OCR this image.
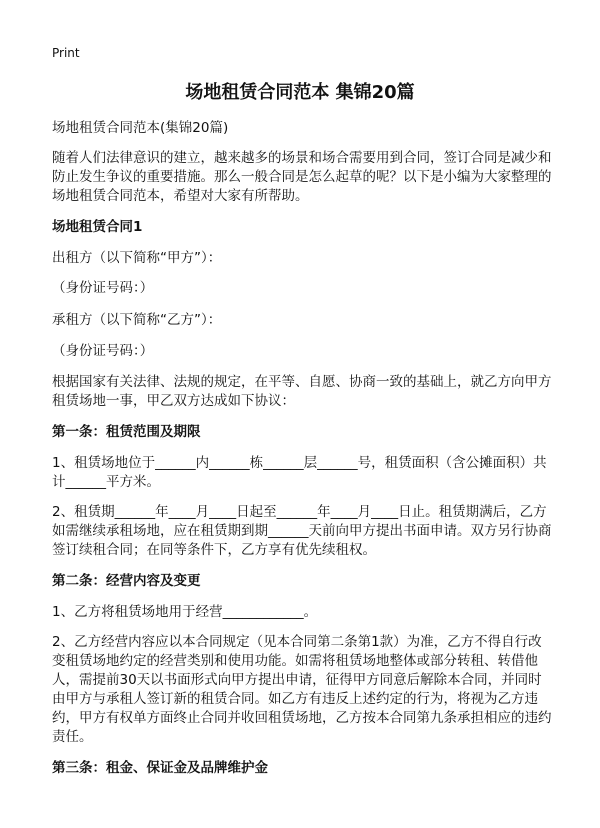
Print
场地租赁合同范本 集锦20篇
场地租赁合同范本(集锦20篇)
随着人们法律意识的建立，越来越多的场景和场合需要用到合同，签订合同是减少和防止发生争议的重要措施。那么一般合同是怎么起草的呢？以下是小编为大家整理的场地租赁合同范本，希望对大家有所帮助。
场地租赁合同1
出租方（以下简称“甲方”）：
（身份证号码：）
承租方（以下简称“乙方”）：
（身份证号码：）
根据国家有关法律、法规的规定，在平等、自愿、协商一致的基础上，就乙方向甲方租赁场地一事，甲乙双方达成如下协议：
第一条：租赁范围及期限
1、租赁场地位于______内______栋______层______号，租赁面积（含公摊面积）共计______平方米。
2、租赁期______年____月____日起至______年____月____日止。租赁期满后，乙方如需继续承租场地，应在租赁期到期______天前向甲方提出书面申请。双方另行协商签订续租合同；在同等条件下，乙方享有优先续租权。
第二条：经营内容及变更
1、乙方将租赁场地用于经营____________。
2、乙方经营内容应以本合同规定（见本合同第二条第1款）为准，乙方不得自行改变租赁场地约定的经营类别和使用功能。如需将租赁场地整体或部分转租、转借他人，需提前30天以书面形式向甲方提出申请，征得甲方同意后解除本合同，并同时由甲方与承租人签订新的租赁合同。如乙方有违反上述约定的行为，将视为乙方违约，甲方有权单方面终止合同并收回租赁场地，乙方按本合同第九条承担相应的违约责任。
第三条：租金、保证金及品牌维护金
